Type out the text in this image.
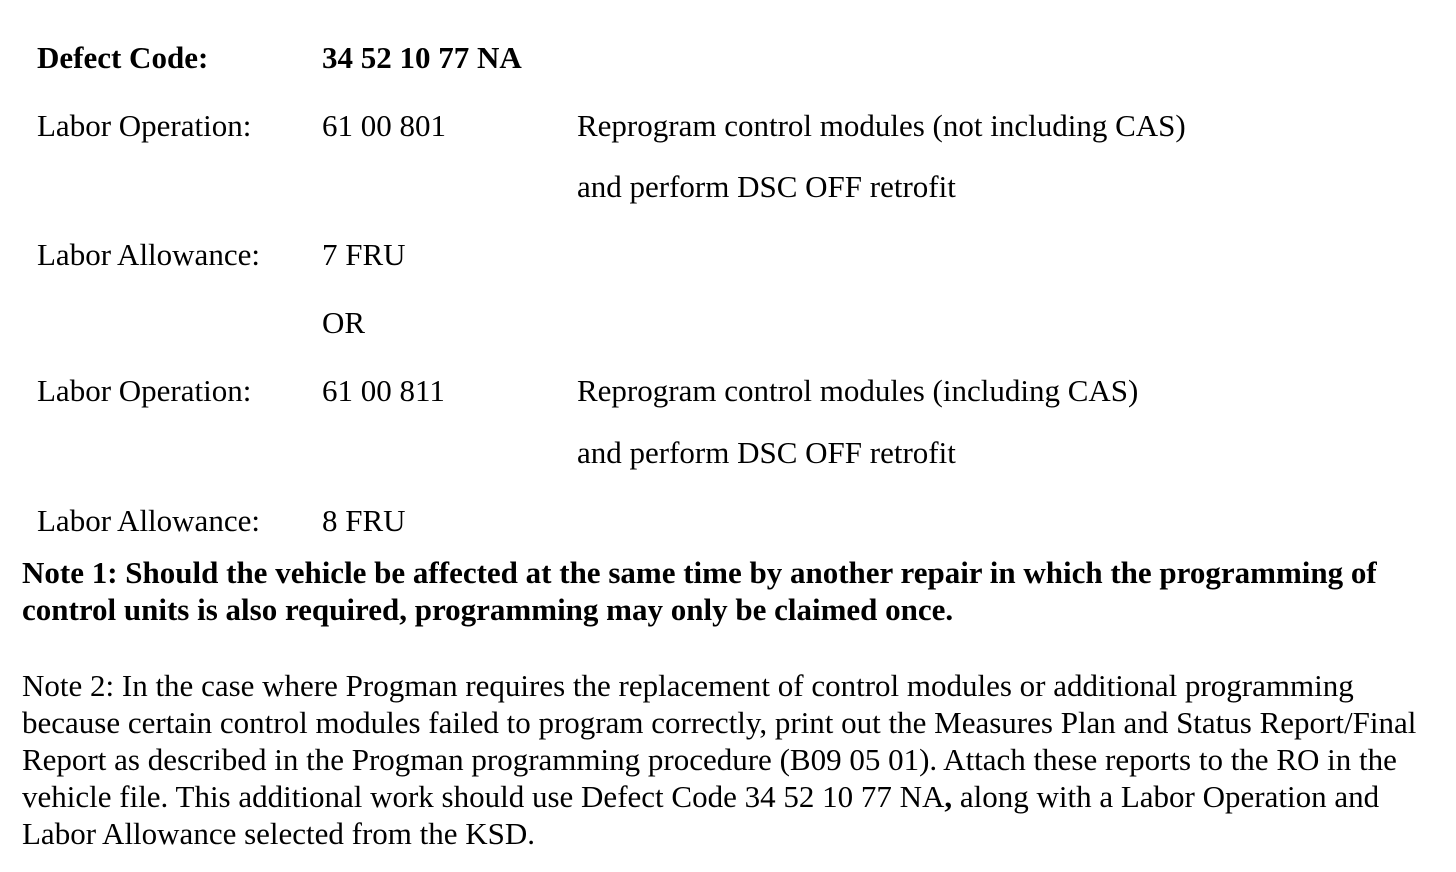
Defect Code:	34 52 10 77 NA
Labor Operation: 61 00 801	Reprogram control modules (not including CAS)
and perform DSC OFF retrofit
Labor Allowance: 7 FRU
OR
Labor Operation: 61 00 811	Reprogram control modules (including CAS)
and perform DSC OFF retrofit
Labor Allowance: 8 FRU
Note 1: Should the vehicle be affected at the same time by another repair in which the programming of control units is also required, programming may only be claimed once.
Note 2: In the case where Progman requires the replacement of control modules or additional programming because certain control modules failed to program correctly, print out the Measures Plan and Status Report/Final Report as described in the Progman programming procedure (B09 05 01). Attach these reports to the RO in the vehicle file. This additional work should use Defect Code 34 52 10 77 NA, along with a Labor Operation and Labor Allowance selected from the KSD.
